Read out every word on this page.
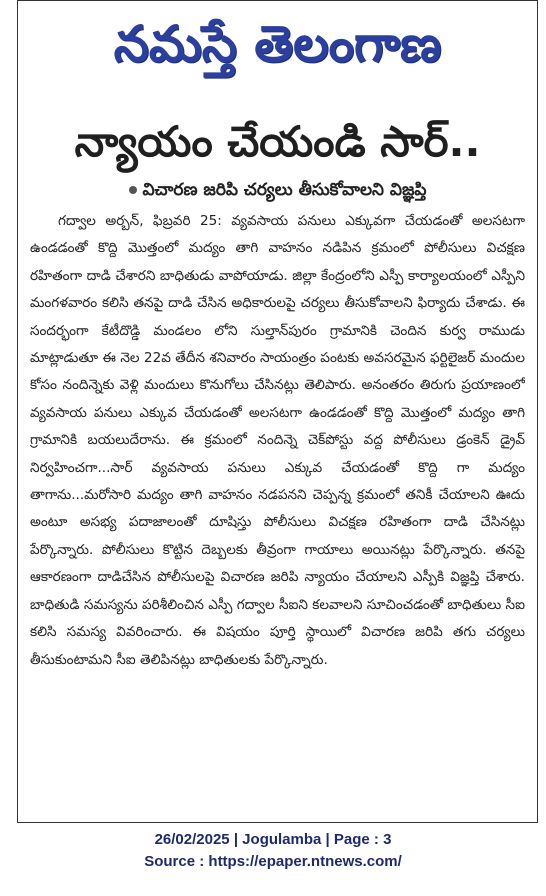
నమస్తే తెలంగాణ
న్యాయం చేయండి సార్..
విచారణ జరిపి చర్యలు తీసుకోవాలని విజ్ఞప్తి

గద్వాల అర్బన్, ఫిబ్రవరి 25: వ్యవసాయ పనులు ఎక్కువగా చేయడంతో అలసటగా ఉండడంతో కొద్ది మొత్తంలో మద్యం తాగి వాహనం నడిపిన క్రమంలో పోలీసులు విచక్షణ రహితంగా దాడి చేశారని బాధితుడు వాపోయాడు. జిల్లా కేంద్రంలోని ఎస్పీ కార్యాలయంలో ఎస్పీని మంగళవారం కలిసి తనపై దాడి చేసిన అధికారులపై చర్యలు తీసుకోవాలని ఫిర్యాదు చేశాడు. ఈ సందర్భంగా కేటీదొడ్డి మండలం లోని సుల్తాన్‌పురం గ్రామానికి చెందిన కుర్వ రాముడు మాట్లాడుతూ ఈ నెల 22వ తేదీన శనివారం సాయంత్రం పంటకు అవసరమైన ఫర్టిలైజర్ మందుల కోసం నందిన్నెకు వెళ్లి మందులు కొనుగోలు చేసినట్లు తెలిపారు. అనంతరం తిరుగు ప్రయాణంలో వ్యవసాయ పనులు ఎక్కువ చేయడంతో అలసటగా ఉండడంతో కొద్ది మొత్తంలో మద్యం తాగి గ్రామానికి బయలుదేరాను. ఈ క్రమంలో నందిన్నె చెక్‌పోస్టు వద్ద పోలీసులు డ్రంకెన్ డ్రైవ్ నిర్వహించగా...సార్ వ్యవసాయ పనులు ఎక్కువ చేయడంతో కొద్ది గా మద్యం తాగాను...మరోసారి మద్యం తాగి వాహనం నడపనని చెప్పన్న క్రమంలో తనికీ చేయాలని ఊదు అంటూ అసభ్య పదాజాలంతో దూషిస్తు పోలీసులు విచక్షణ రహితంగా దాడి చేసినట్లు పేర్కొన్నారు. పోలీసులు కొట్టిన దెబ్బలకు తీవ్రంగా గాయాలు అయినట్లు పేర్కొన్నారు. తనపై ఆకారణంగా దాడిచేసిన పోలీసులపై విచారణ జరిపి న్యాయం చేయాలని ఎస్పీకి విజ్ఞప్తి చేశారు. బాధితుడి సమస్యను పరిశీలించిన ఎస్పీ గద్వాల సీఐని కలవాలని సూచించడంతో బాధితులు సీఐ కలిసి సమస్య వివరించారు. ఈ విషయం పూర్తి స్థాయిలో విచారణ జరిపి తగు చర్యలు తీసుకుంటామని సీఐ తెలిపినట్లు బాధితులకు పేర్కొన్నారు.

26/02/2025 | Jogulamba | Page : 3
Source : https://epaper.ntnews.com/
